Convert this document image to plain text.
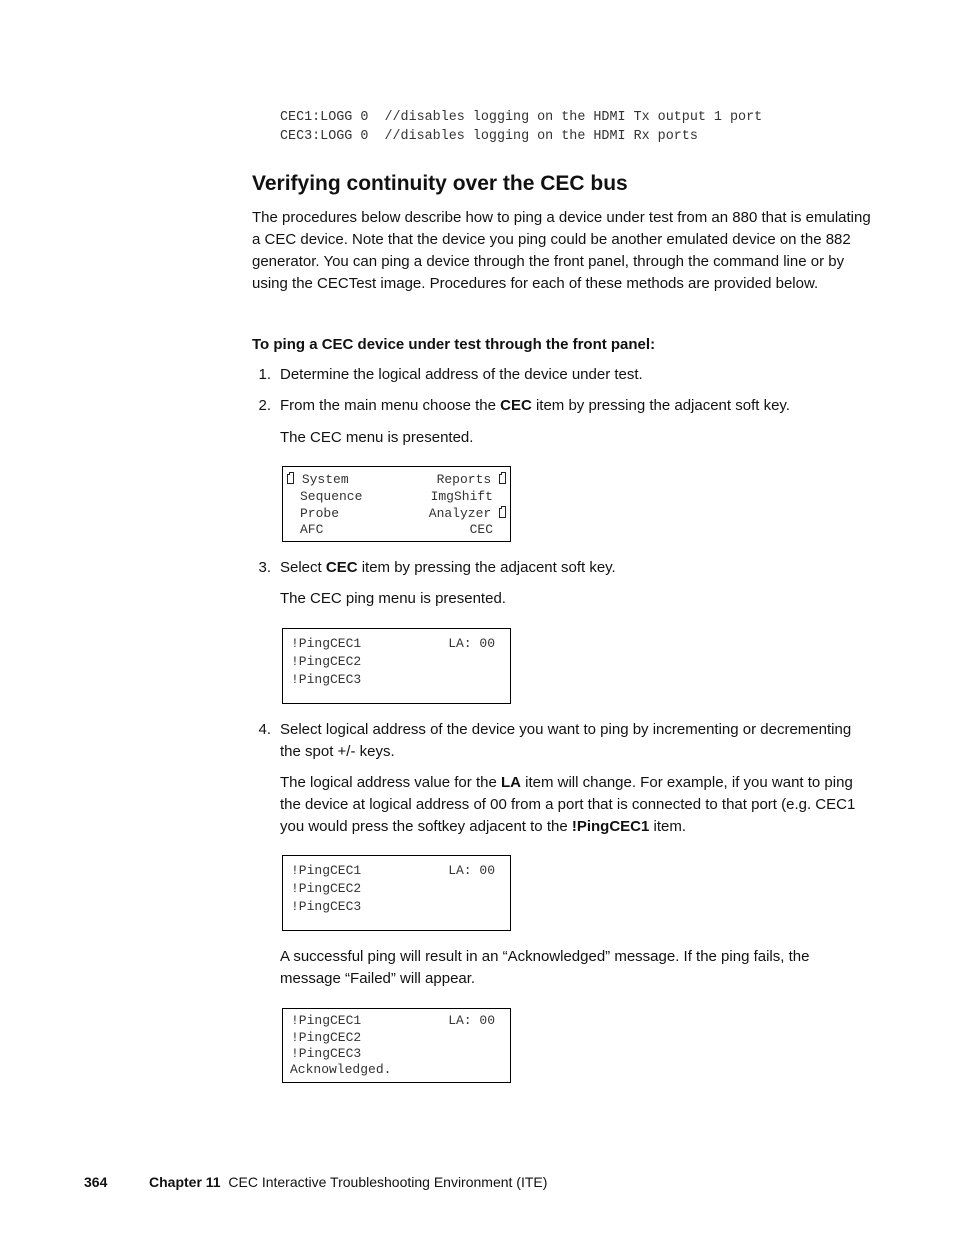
CEC1:LOGG 0  //disables logging on the HDMI Tx output 1 port
CEC3:LOGG 0  //disables logging on the HDMI Rx ports
Verifying continuity over the CEC bus
The procedures below describe how to ping a device under test from an 880 that is emulating a CEC device. Note that the device you ping could be another emulated device on the 882 generator. You can ping a device through the front panel, through the command line or by using the CECTest image. Procedures for each of these methods are provided below.
To ping a CEC device under test through the front panel:
1. Determine the logical address of the device under test.
2. From the main menu choose the CEC item by pressing the adjacent soft key.
The CEC menu is presented.
System
Sequence
Probe
AFC
Reports
ImgShift
Analyzer
CEC
3. Select CEC item by pressing the adjacent soft key.
The CEC ping menu is presented.
!PingCEC1
!PingCEC2
!PingCEC3
LA: 00
4. Select logical address of the device you want to ping by incrementing or decrementing the spot +/- keys.
The logical address value for the LA item will change. For example, if you want to ping the device at logical address of 00 from a port that is connected to that port (e.g. CEC1 you would press the softkey adjacent to the !PingCEC1 item.
!PingCEC1
!PingCEC2
!PingCEC3
LA: 00
A successful ping will result in an “Acknowledged” message. If the ping fails, the message “Failed” will appear.
!PingCEC1
!PingCEC2
!PingCEC3
Acknowledged.
LA: 00
364	Chapter 11 CEC Interactive Troubleshooting Environment (ITE)
